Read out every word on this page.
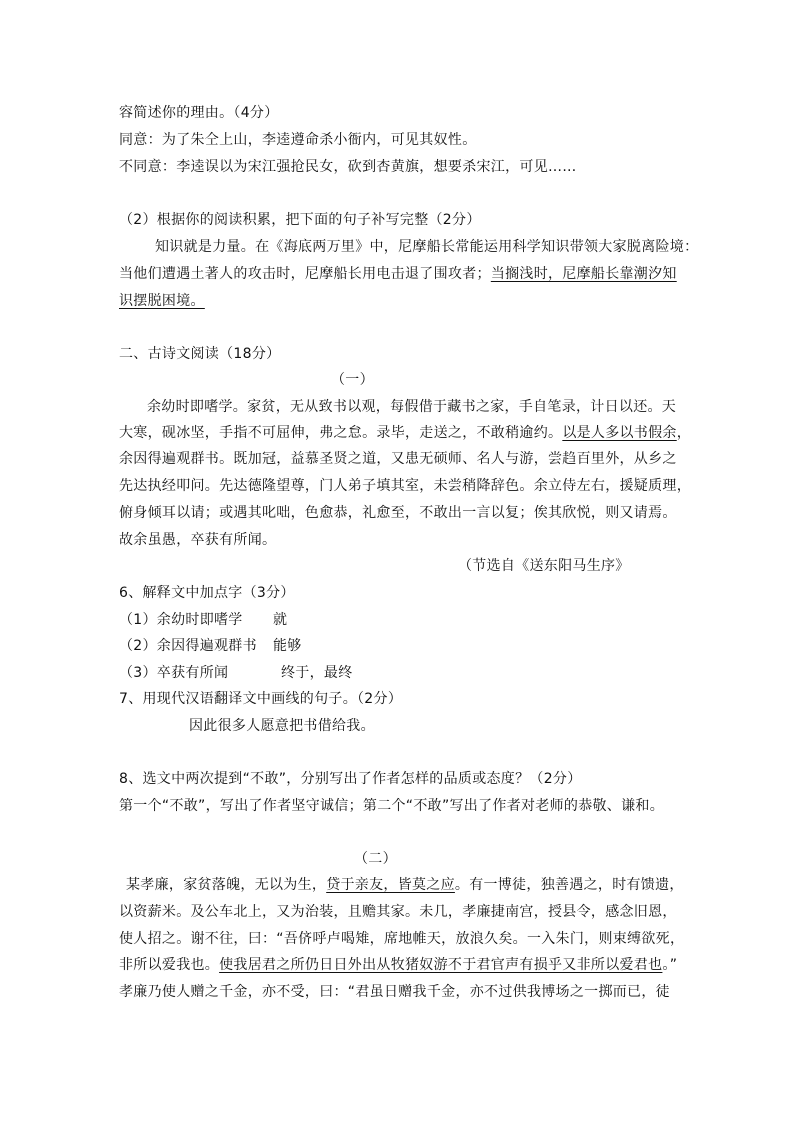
容简述你的理由。（4分）
同意：为了朱仝上山，李逵遵命杀小衙内，可见其奴性。
不同意：李逵误以为宋江强抢民女，砍到杏黄旗，想要杀宋江，可见……
（2）根据你的阅读积累，把下面的句子补写完整（2分）
知识就是力量。在《海底两万里》中，尼摩船长常能运用科学知识带领大家脱离险境：
当他们遭遇土著人的攻击时，尼摩船长用电击退了围攻者；当搁浅时，尼摩船长靠潮汐知
识摆脱困境。
二、古诗文阅读（18分）
（一）
余幼时即嗜学。家贫，无从致书以观，每假借于藏书之家，手自笔录，计日以还。天
大寒，砚冰坚，手指不可屈伸，弗之怠。录毕，走送之，不敢稍逾约。以是人多以书假余，
余因得遍观群书。既加冠，益慕圣贤之道，又患无硕师、名人与游，尝趋百里外，从乡之
先达执经叩问。先达德隆望尊，门人弟子填其室，未尝稍降辞色。余立侍左右，援疑质理，
俯身倾耳以请；或遇其叱咄，色愈恭，礼愈至，不敢出一言以复；俟其欣悦，则又请焉。
故余虽愚，卒获有所闻。
（节选自《送东阳马生序》
6、解释文中加点字（3分）
（1）余幼时即嗜学 就
（2）余因得遍观群书 能够
（3）卒获有所闻	终于，最终
7、用现代汉语翻译文中画线的句子。（2分）
因此很多人愿意把书借给我。
8、选文中两次提到“不敢”，分别写出了作者怎样的品质或态度？（2分）
第一个“不敢”，写出了作者坚守诚信；第二个“不敢”写出了作者对老师的恭敬、谦和。
（二）
某孝廉，家贫落魄，无以为生，贷于亲友，皆莫之应。有一博徒，独善遇之，时有馈遗，
以资薪米。及公车北上，又为治装，且赡其家。未几，孝廉捷南宫，授县令，感念旧恩，
使人招之。谢不往，曰：“吾侪呼卢喝雉，席地帷天，放浪久矣。一入朱门，则束缚欲死，
非所以爱我也。使我居君之所仍日日外出从牧猪奴游不于君官声有损乎又非所以爱君也。”
孝廉乃使人赠之千金，亦不受，曰：“君虽日赠我千金，亦不过供我博场之一掷而已，徒
